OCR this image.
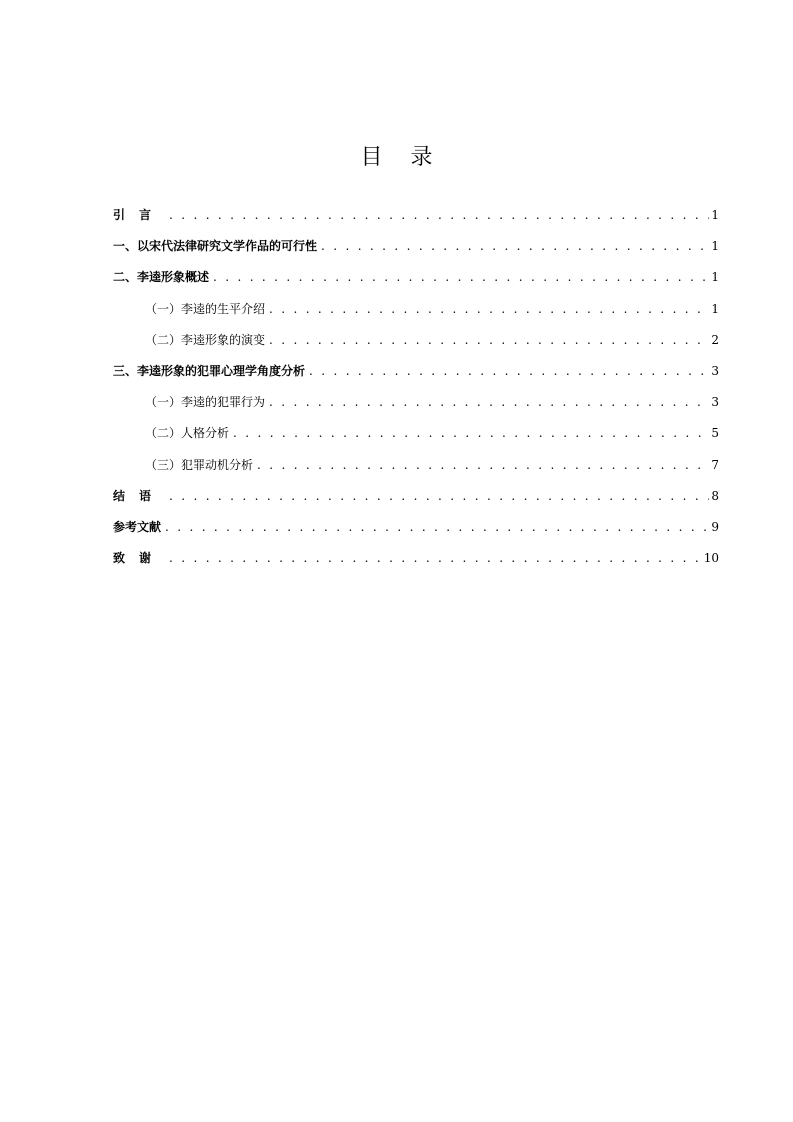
目录
引言 . . .	1
一、以宋代法律研究文学作品的可行性 . . .	1
二、李逵形象概述 . . .	1
（一）李逵的生平介绍 . . .	1
（二）李逵形象的演变 . . .	2
三、李逵形象的犯罪心理学角度分析 . . .	3
（一）李逵的犯罪行为 . . .	3
（二）人格分析 . . .	5
（三）犯罪动机分析 . . .	7
结语 . . .	8
参考文献 . . .	9
致谢 . . .	10
